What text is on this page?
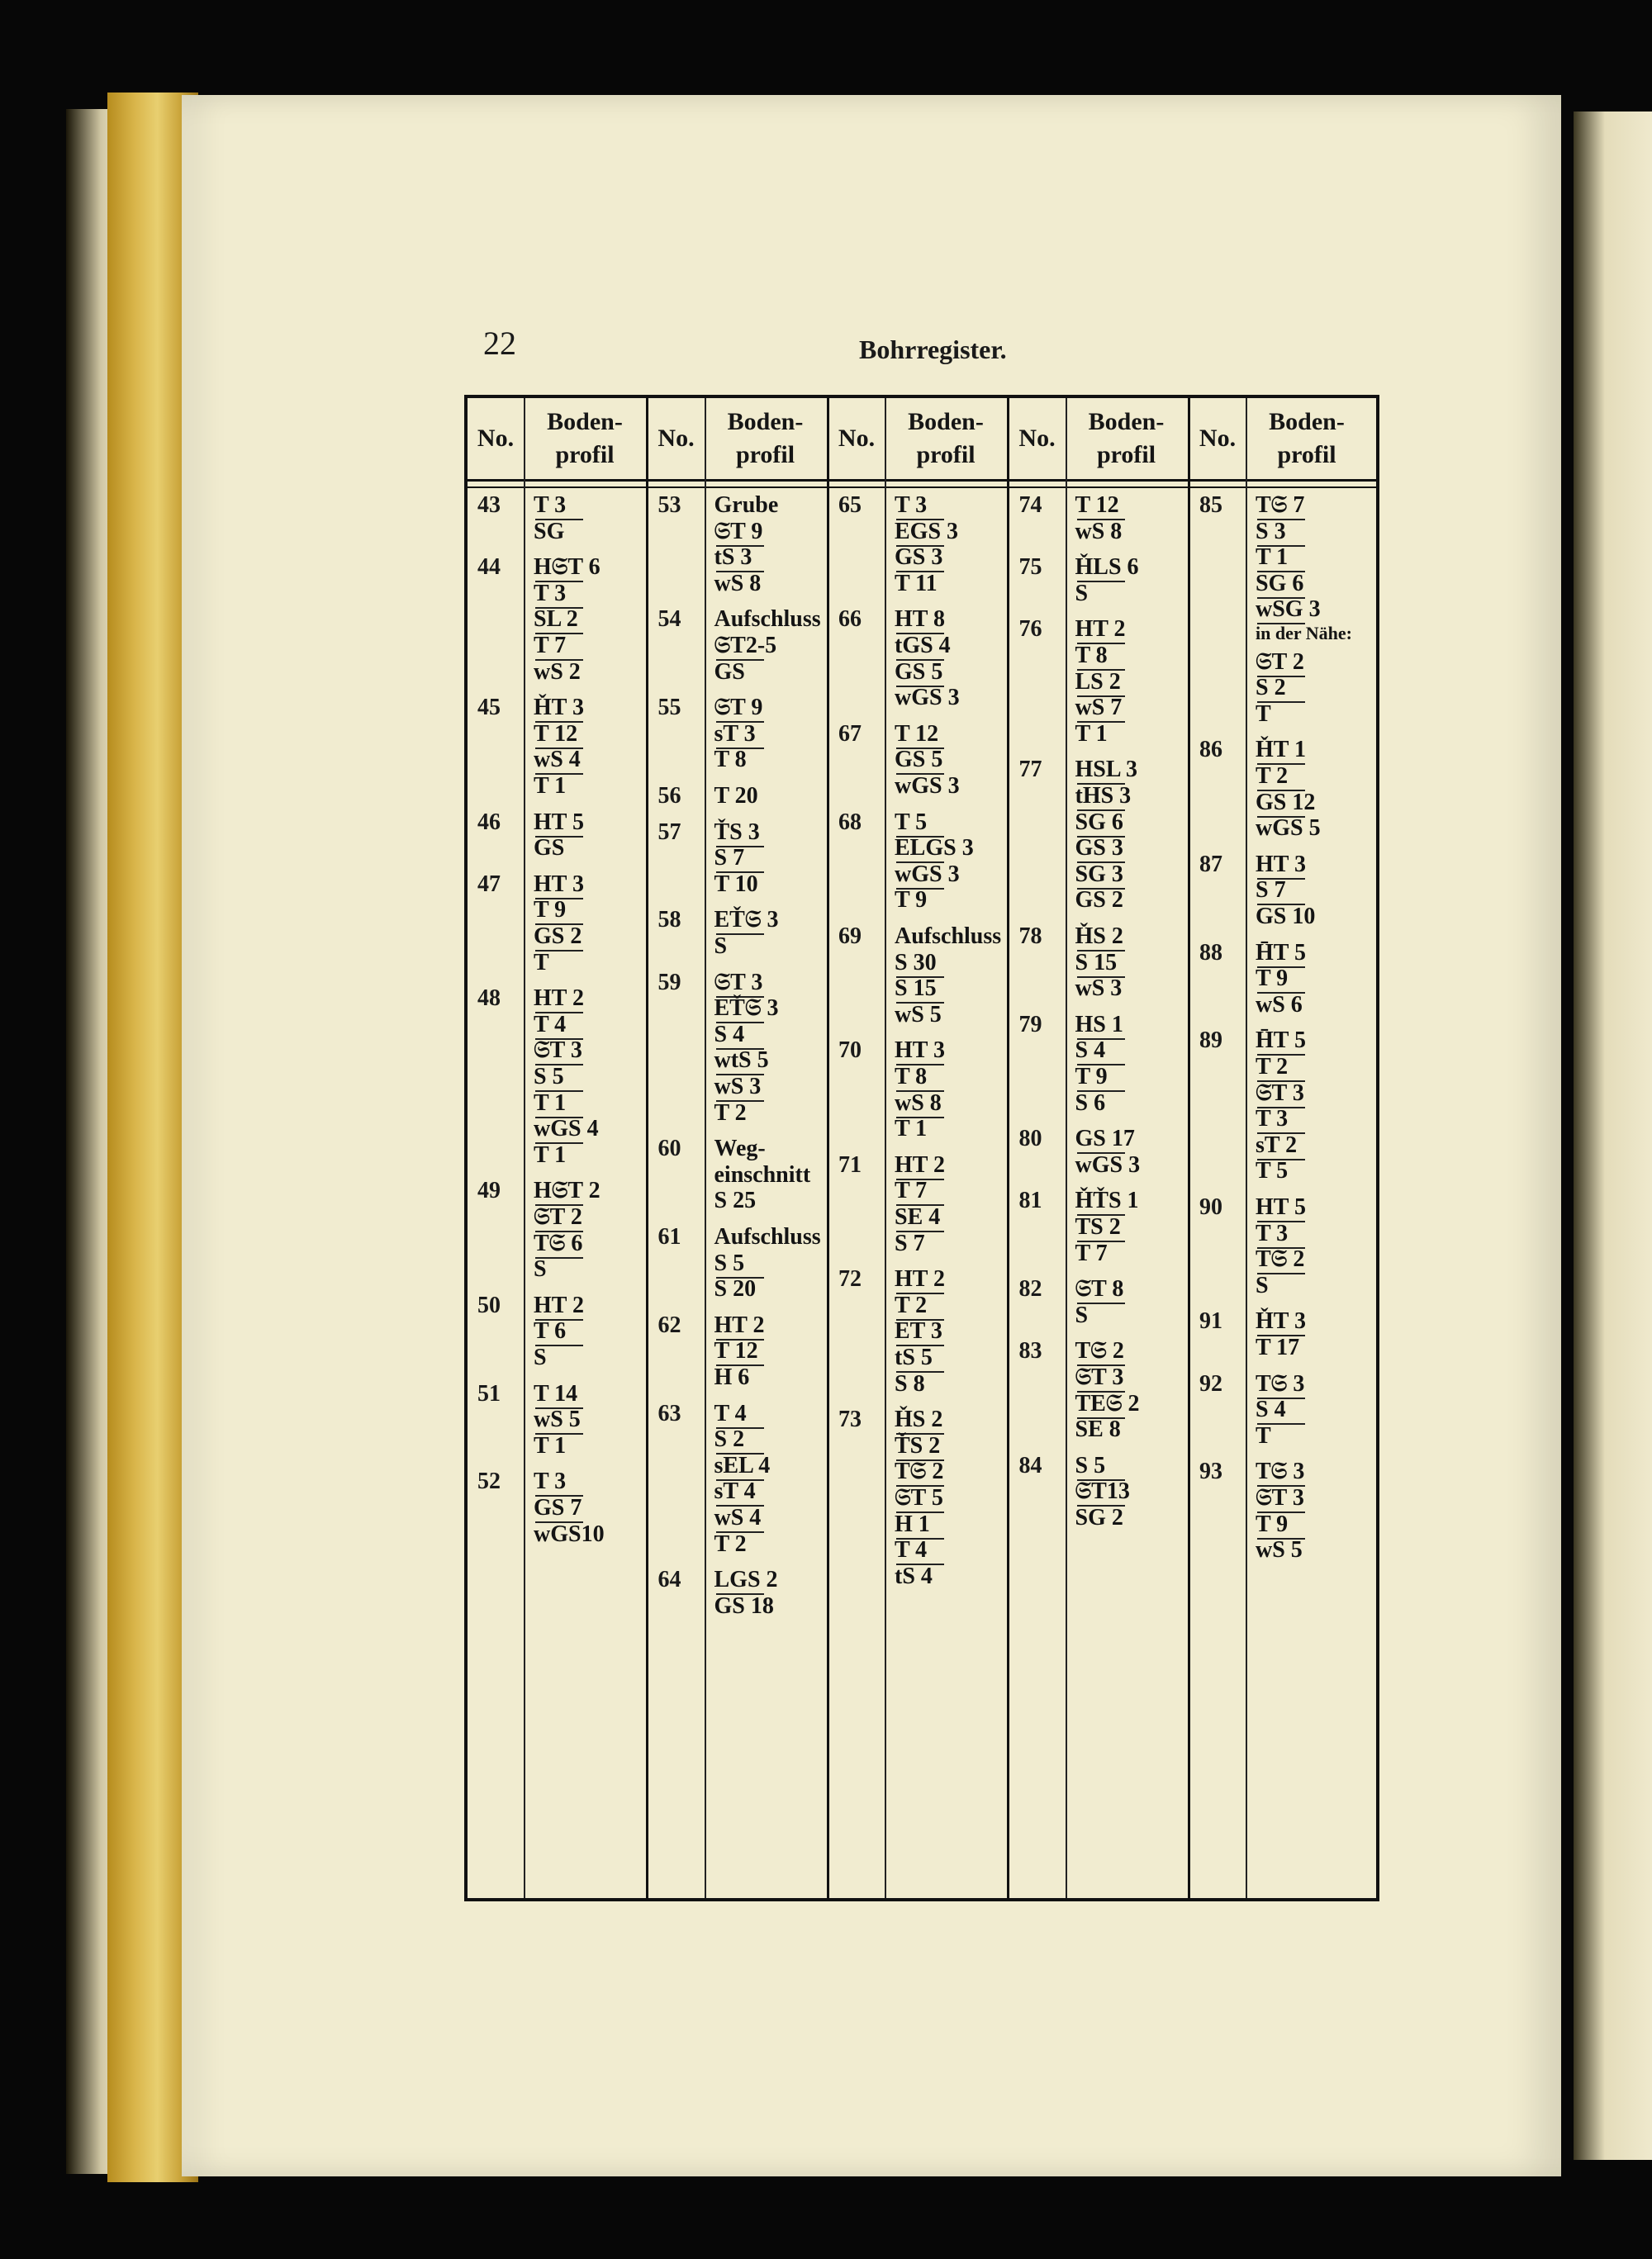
22	Bohrregister.
No.
Boden-
profil
43 T 3
SG
44 H𝔖T 6
T 3
SL 2
T 7
wS 2
45 ȞT 3
T 12
wS 4
T 1
46 HT 5
GS
47 HT 3
T 9
GS 2
T
48 HT 2
T 4
𝔖T 3
S 5
T 1
wGS 4
T 1
49 H𝔖T 2
𝔖T 2
T𝔖 6
S
50 HT 2
T 6
S
51 T 14
wS 5
T 1
52 T 3
GS 7
wGS10
No.
Boden-
profil
53 Grube
𝔖T 9
tS 3
wS 8
54 Aufschluss
𝔖T2-5
GS
55 𝔖T 9
sT 3
T 8
56 T 20
57 ŤS 3
S 7
T 10
58 EŤ𝔖 3
S
59 𝔖T 3
EŤ𝔖 3
S 4
wtS 5
wS 3
T 2
60 Weg-
einschnitt
S 25
61 Aufschluss
S 5
S 20
62 HT 2
T 12
H 6
63 T 4
S 2
sEL 4
sT 4
wS 4
T 2
64 LGS 2
GS 18
No.
Boden-
profil
65 T 3
EGS 3
GS 3
T 11
66 HT 8
tGS 4
GS 5
wGS 3
67 T 12
GS 5
wGS 3
68 T 5
ELGS 3
wGS 3
T 9
69 Aufschluss
S 30
S 15
wS 5
70 HT 3
T 8
wS 8
T 1
71 HT 2
T 7
SE 4
S 7
72 HT 2
T 2
ET 3
tS 5
S 8
73 ȞS 2
ŤS 2
T𝔖 2
𝔖T 5
H 1
T 4
tS 4
No.
Boden-
profil
74 T 12
wS 8
75 ȞLS 6
S
76 HT 2
T 8
LS 2
wS 7
T 1
77 HSL 3
tHS 3
SG 6
GS 3
SG 3
GS 2
78 ȞS 2
S 15
wS 3
79 HS 1
S 4
T 9
S 6
80 GS 17
wGS 3
81 ȞŤS 1
TS 2
T 7
82 𝔖T 8
S
83 T𝔖 2
𝔖T 3
TE𝔖 2
SE 8
84 S 5
𝔖T13
SG 2
No.
Boden-
profil
85 T𝔖 7
S 3
T 1
SG 6
wSG 3
in der Nähe:
𝔖T 2
S 2
T
86 ȞT 1
T 2
GS 12
wGS 5
87 HT 3
S 7
GS 10
88 H̄T 5
T 9
wS 6
89 H̄T 5
T 2
𝔖T 3
T 3
sT 2
T 5
90 HT 5
T 3
T𝔖 2
S
91 ȞT 3
T 17
92 T𝔖 3
S 4
T
93 T𝔖 3
𝔖T 3
T 9
wS 5
